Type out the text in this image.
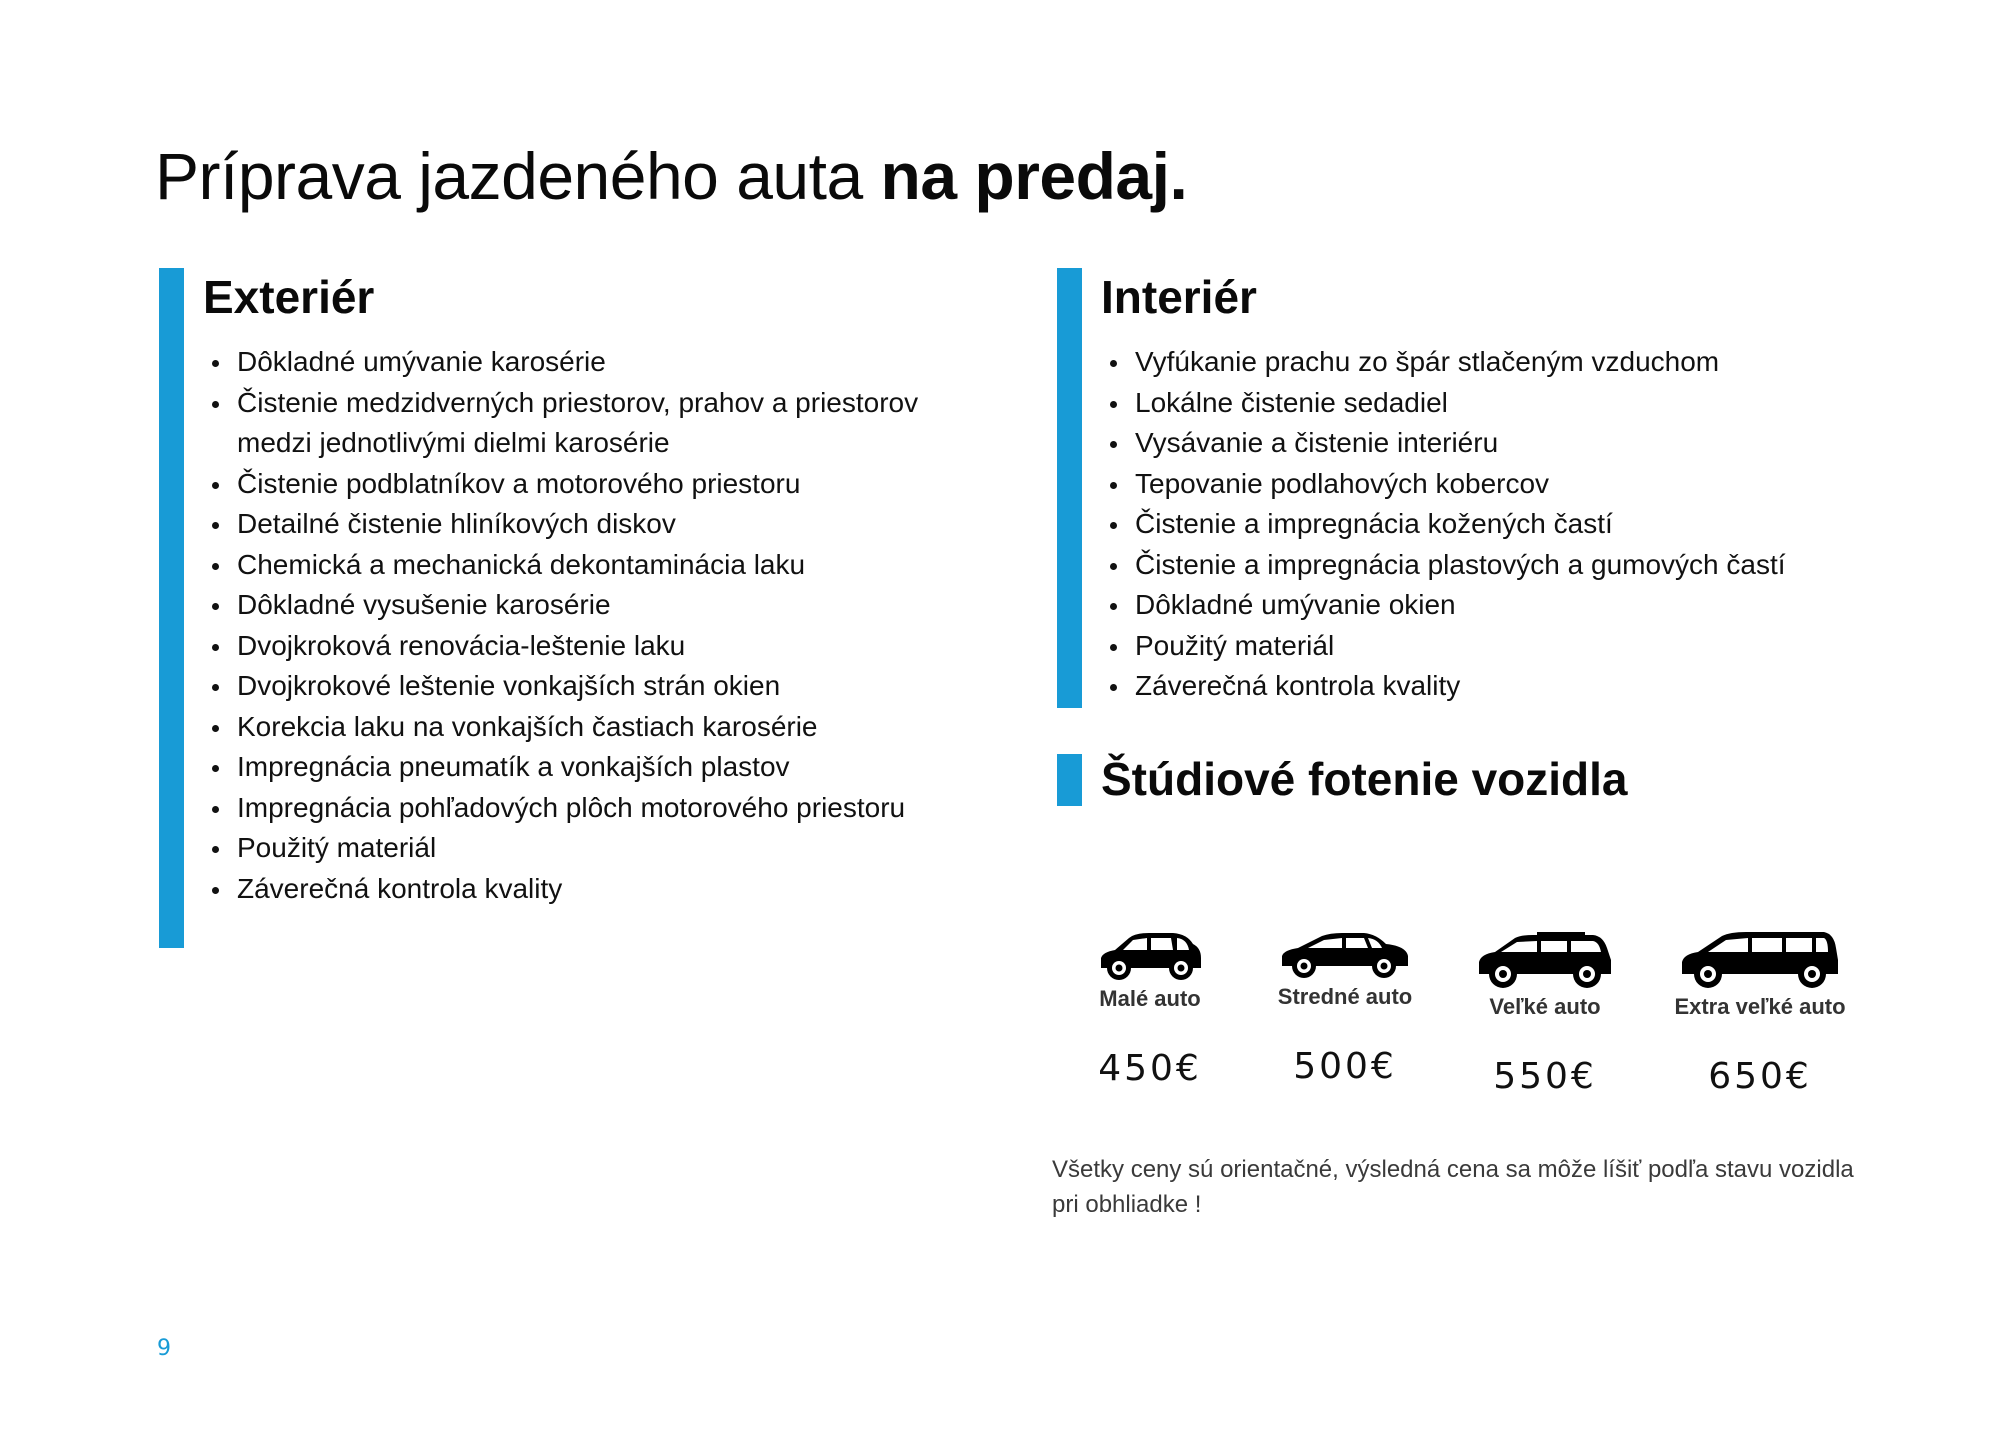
Príprava jazdeného auta na predaj.
Exteriér
• Dôkladné umývanie karosérie
• Čistenie medzidverných priestorov, prahov a priestorov medzi jednotlivými dielmi karosérie
• Čistenie podblatníkov a motorového priestoru
• Detailné čistenie hliníkových diskov
• Chemická a mechanická dekontaminácia laku
• Dôkladné vysušenie karosérie
• Dvojkroková renovácia-leštenie laku
• Dvojkrokové leštenie vonkajších strán okien
• Korekcia laku na vonkajších častiach karosérie
• Impregnácia pneumatík a vonkajších plastov
• Impregnácia pohľadových plôch motorového priestoru
• Použitý materiál
• Záverečná kontrola kvality
Interiér
• Vyfúkanie prachu zo špár stlačeným vzduchom
• Lokálne čistenie sedadiel
• Vysávanie a čistenie interiéru
• Tepovanie podlahových kobercov
• Čistenie a impregnácia kožených častí
• Čistenie a impregnácia plastových a gumových častí
• Dôkladné umývanie okien
• Použitý materiál
• Záverečná kontrola kvality
Štúdiové fotenie vozidla
Malé auto
450€
Stredné auto
500€
Veľké auto
550€
Extra veľké auto
650€

Všetky ceny sú orientačné, výsledná cena sa môže líšiť podľa stavu vozidla pri obhliadke !

9
